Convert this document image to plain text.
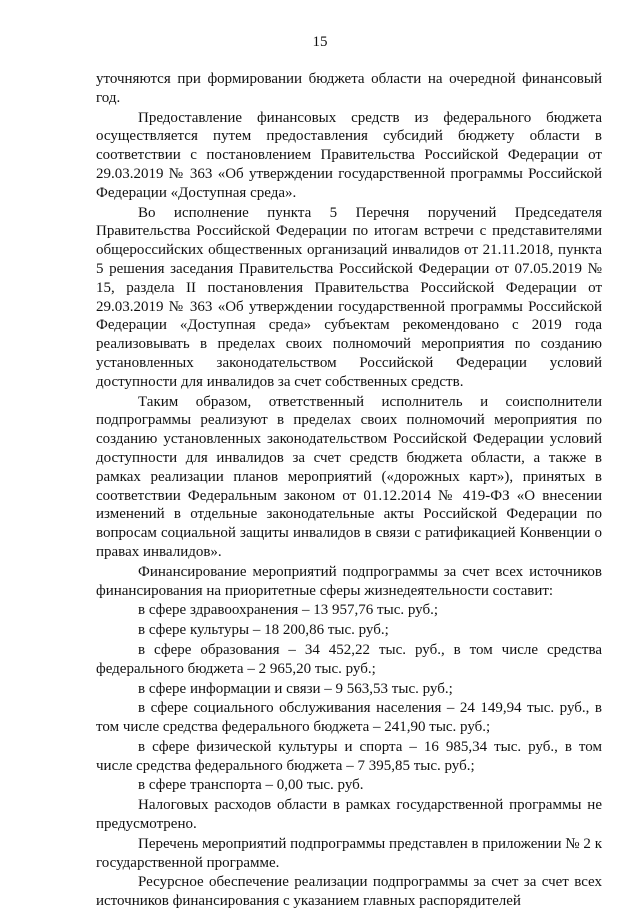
15

уточняются при формировании бюджета области на очередной финансовый год.

Предоставление финансовых средств из федерального бюджета осуществляется путем предоставления субсидий бюджету области в соответствии с постановлением Правительства Российской Федерации от 29.03.2019 № 363 «Об утверждении государственной программы Российской Федерации «Доступная среда».

Во исполнение пункта 5 Перечня поручений Председателя Правительства Российской Федерации по итогам встречи с представителями общероссийских общественных организаций инвалидов от 21.11.2018, пункта 5 решения заседания Правительства Российской Федерации от 07.05.2019 № 15, раздела II постановления Правительства Российской Федерации от 29.03.2019 № 363 «Об утверждении государственной программы Российской Федерации «Доступная среда» субъектам рекомендовано с 2019 года реализовывать в пределах своих полномочий мероприятия по созданию установленных законодательством Российской Федерации условий доступности для инвалидов за счет собственных средств.

Таким образом, ответственный исполнитель и соисполнители подпрограммы реализуют в пределах своих полномочий мероприятия по созданию установленных законодательством Российской Федерации условий доступности для инвалидов за счет средств бюджета области, а также в рамках реализации планов мероприятий («дорожных карт»), принятых в соответствии Федеральным законом от 01.12.2014 № 419-ФЗ «О внесении изменений в отдельные законодательные акты Российской Федерации по вопросам социальной защиты инвалидов в связи с ратификацией Конвенции о правах инвалидов».

Финансирование мероприятий подпрограммы за счет всех источников финансирования на приоритетные сферы жизнедеятельности составит:

в сфере здравоохранения – 13 957,76 тыс. руб.;

в сфере культуры – 18 200,86 тыс. руб.;

в сфере образования – 34 452,22 тыс. руб., в том числе средства федерального бюджета – 2 965,20 тыс. руб.;

в сфере информации и связи – 9 563,53 тыс. руб.;

в сфере социального обслуживания населения – 24 149,94 тыс. руб., в том числе средства федерального бюджета – 241,90 тыс. руб.;

в сфере физической культуры и спорта – 16 985,34 тыс. руб., в том числе средства федерального бюджета – 7 395,85 тыс. руб.;

в сфере транспорта – 0,00 тыс. руб.

Налоговых расходов области в рамках государственной программы не предусмотрено.

Перечень мероприятий подпрограммы представлен в приложении № 2 к государственной программе.

Ресурсное обеспечение реализации подпрограммы за счет за счет всех источников финансирования с указанием главных распорядителей
